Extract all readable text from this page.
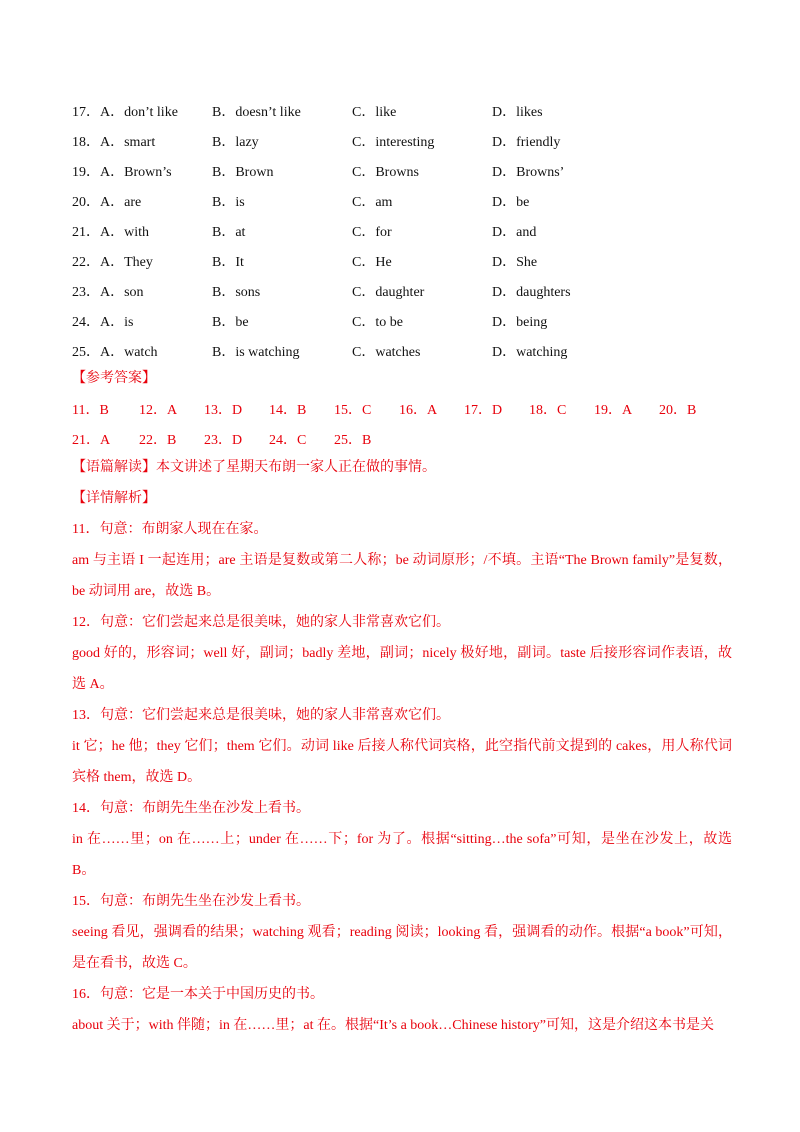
17．A．don’t like	B．doesn’t like	C．like	D．likes
18．A．smart	B．lazy	C．interesting	D．friendly
19．A．Brown’s	B．Brown	C．Browns	D．Browns’
20．A．are	B．is	C．am	D．be
21．A．with	B．at	C．for	D．and
22．A．They	B．It	C．He	D．She
23．A．son	B．sons	C．daughter	D．daughters
24．A．is	B．be	C．to be	D．being
25．A．watch	B．is watching	C．watches	D．watching
【参考答案】
11．B	12．A	13．D	14．B	15．C	16．A	17．D	18．C	19．A	20．B
21．A	22．B	23．D	24．C	25．B
【语篇解读】本文讲述了星期天布朗一家人正在做的事情。
【详情解析】
11．句意：布朗家人现在在家。
am 与主语 I 一起连用；are 主语是复数或第二人称；be 动词原形；/不填。主语“The Brown family”是复数，be 动词用 are，故选 B。
12．句意：它们尝起来总是很美味，她的家人非常喜欢它们。
good 好的，形容词；well 好，副词；badly 差地，副词；nicely 极好地，副词。taste 后接形容词作表语，故选 A。
13．句意：它们尝起来总是很美味，她的家人非常喜欢它们。
it 它；he 他；they 它们；them 它们。动词 like 后接人称代词宾格，此空指代前文提到的 cakes，用人称代词宾格 them，故选 D。
14．句意：布朗先生坐在沙发上看书。
in 在……里；on 在……上；under 在……下；for 为了。根据“sitting…the sofa”可知，是坐在沙发上，故选 B。
15．句意：布朗先生坐在沙发上看书。
seeing 看见，强调看的结果；watching 观看；reading 阅读；looking 看，强调看的动作。根据“a book”可知，是在看书，故选 C。
16．句意：它是一本关于中国历史的书。
about 关于；with 伴随；in 在……里；at 在。根据“It’s a book…Chinese history”可知，这是介绍这本书是关
